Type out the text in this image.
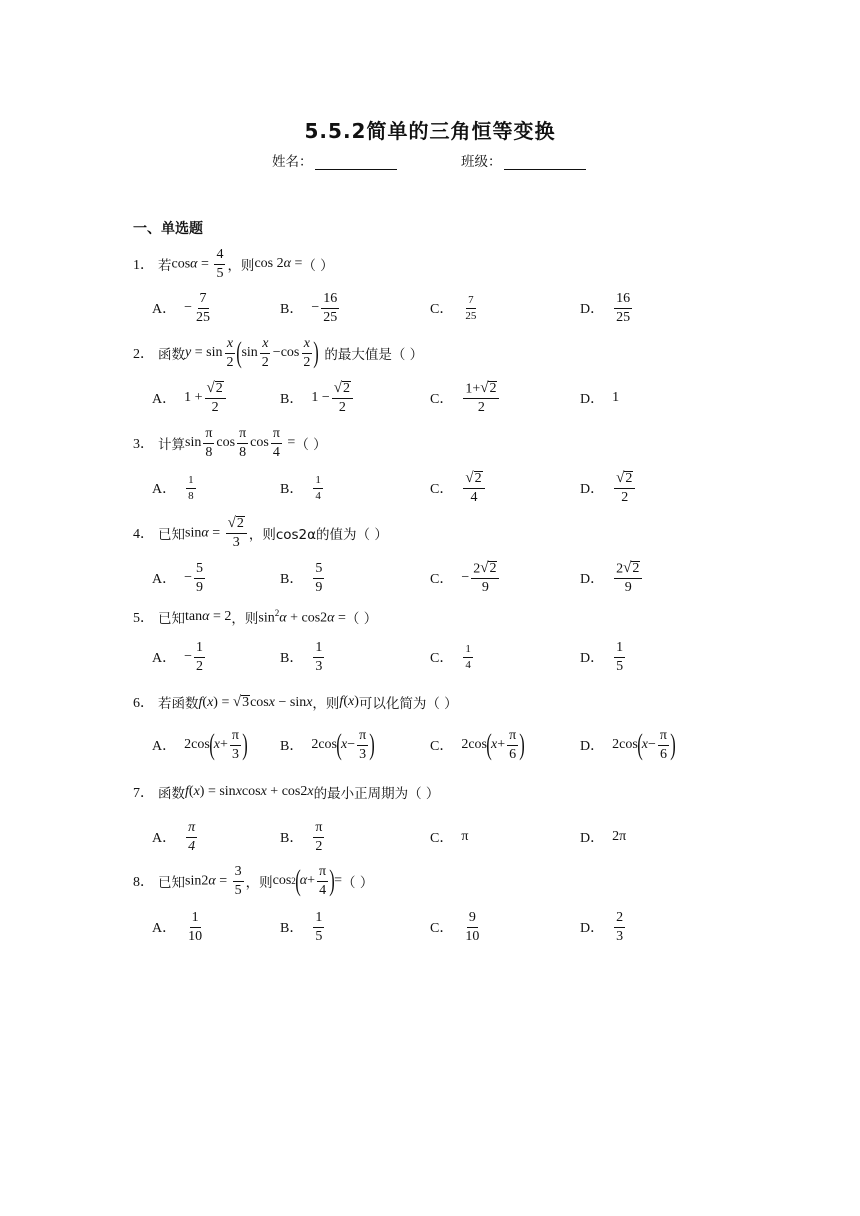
5.5.2简单的三角恒等变换
姓名：	班级：
一、单选题
1． 若 $\cos\alpha = \frac{4}{5}$ ，则 cos 2α = （ ）
A． − $\frac{7}{25}$	B． − $\frac{16}{25}$	C． $\frac{7}{25}$	D． $\frac{16}{25}$
2． 函数 $y = \sin \frac{x}{2}$ ( $\sin \frac{x}{2} -\cos \frac{x}{2}$ ) 的最大值是（ ）
A． $1 + \frac{√ 2}{2}$	B． $1 - \frac{√ 2}{2}$	C． $\frac{1+ √ 2}{2}$	D． 1
3． 计算 $\sin \frac{\pi}{8}$ $\cos \frac{\pi}{8}$ $\cos \frac{\pi}{4}$ = （ ）
A． $\frac{1}{8}$	B． $\frac{1}{4}$	C． $\frac{√ 2}{4}$	D． $\frac{√ 2}{2}$
4． 已知 $\sin\alpha = \frac{√ 2}{3}$ ，则cos2α的值为（ ）
A． − $\frac{5}{9}$	B． $\frac{5}{9}$	C． − $\frac{2 √ 2}{9}$	D． $\frac{2 √ 2}{9}$
5． 已知 tanα = 2 ，则 $\sin^2\alpha + \cos 2\alpha$ = （ ）
A． − $\frac{1}{2}$	B． $\frac{1}{3}$	C． $\frac{1}{4}$	D． $\frac{1}{5}$
6． 若函数 f(x) = √ 3 cosx − sinx ，则 f(x) 可以化简为（ ）
A． 2cos ( $x + \frac{\pi}{3}$ ) B． 2cos ( $x - \frac{\pi}{3}$ )	C． 2cos ( $x + \frac{\pi}{6}$ )	D． 2cos ( $x - \frac{\pi}{6}$ )
7． 函数 f(x) = sinxcosx + cos2x 的最小正周期为（ ）
A． $\frac{\pi}{4}$	B． $\frac{\pi}{2}$	C． π	D． 2π
8． 已知 $\sin 2\alpha = \frac{3}{5}$ ，则 cos 2 ( $\alpha + \frac{\pi}{4}$ ) = （ ）
A． $\frac{1}{10}$	B． $\frac{1}{5}$	C． $\frac{9}{10}$	D． $\frac{2}{3}$
